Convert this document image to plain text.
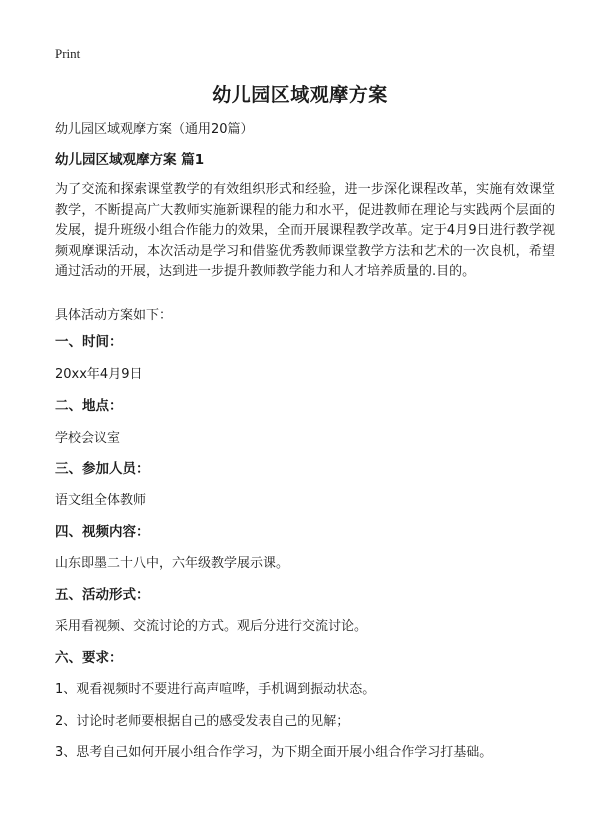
Print
幼儿园区域观摩方案
幼儿园区域观摩方案（通用20篇）
幼儿园区域观摩方案 篇1
为了交流和探索课堂教学的有效组织形式和经验，进一步深化课程改革，实施有效课堂教学，不断提高广大教师实施新课程的能力和水平，促进教师在理论与实践两个层面的发展，提升班级小组合作能力的效果，全而开展课程教学改革。定于4月9日进行教学视频观摩课活动，本次活动是学习和借鉴优秀教师课堂教学方法和艺术的一次良机，希望通过活动的开展，达到进一步提升教师教学能力和人才培养质量的.目的。
具体活动方案如下：
一、时间：
20xx年4月9日
二、地点：
学校会议室
三、参加人员：
语文组全体教师
四、视频内容：
山东即墨二十八中，六年级教学展示课。
五、活动形式：
采用看视频、交流讨论的方式。观后分进行交流讨论。
六、要求：
1、观看视频时不要进行高声喧哗，手机调到振动状态。
2、讨论时老师要根据自己的感受发表自己的见解；
3、思考自己如何开展小组合作学习，为下期全面开展小组合作学习打基础。
